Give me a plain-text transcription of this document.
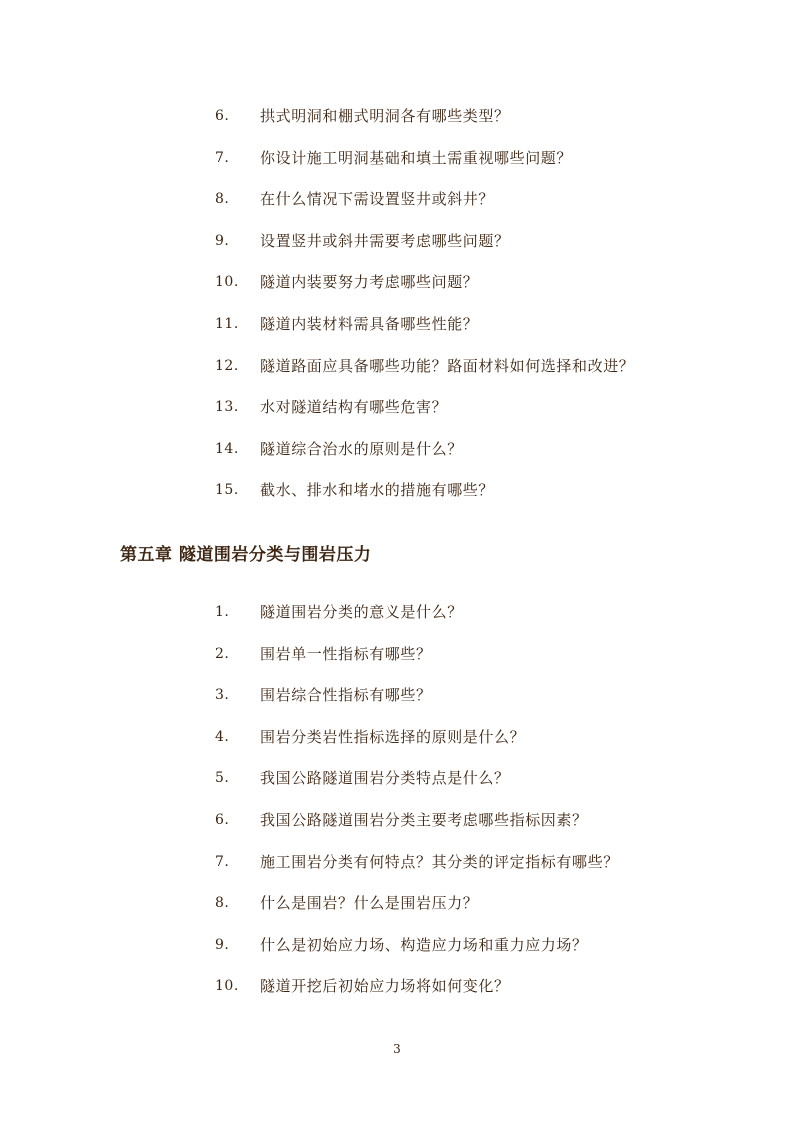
6. 拱式明洞和棚式明洞各有哪些类型？
7. 你设计施工明洞基础和填土需重视哪些问题？
8. 在什么情况下需设置竖井或斜井？
9. 设置竖井或斜井需要考虑哪些问题？
10. 隧道内装要努力考虑哪些问题？
11. 隧道内装材料需具备哪些性能？
12. 隧道路面应具备哪些功能？路面材料如何选择和改进？
13. 水对隧道结构有哪些危害？
14. 隧道综合治水的原则是什么？
15. 截水、排水和堵水的措施有哪些？
第五章 隧道围岩分类与围岩压力
1. 隧道围岩分类的意义是什么？
2. 围岩单一性指标有哪些？
3. 围岩综合性指标有哪些？
4. 围岩分类岩性指标选择的原则是什么？
5. 我国公路隧道围岩分类特点是什么？
6. 我国公路隧道围岩分类主要考虑哪些指标因素？
7. 施工围岩分类有何特点？其分类的评定指标有哪些？
8. 什么是围岩？什么是围岩压力？
9. 什么是初始应力场、构造应力场和重力应力场？
10. 隧道开挖后初始应力场将如何变化？
3
